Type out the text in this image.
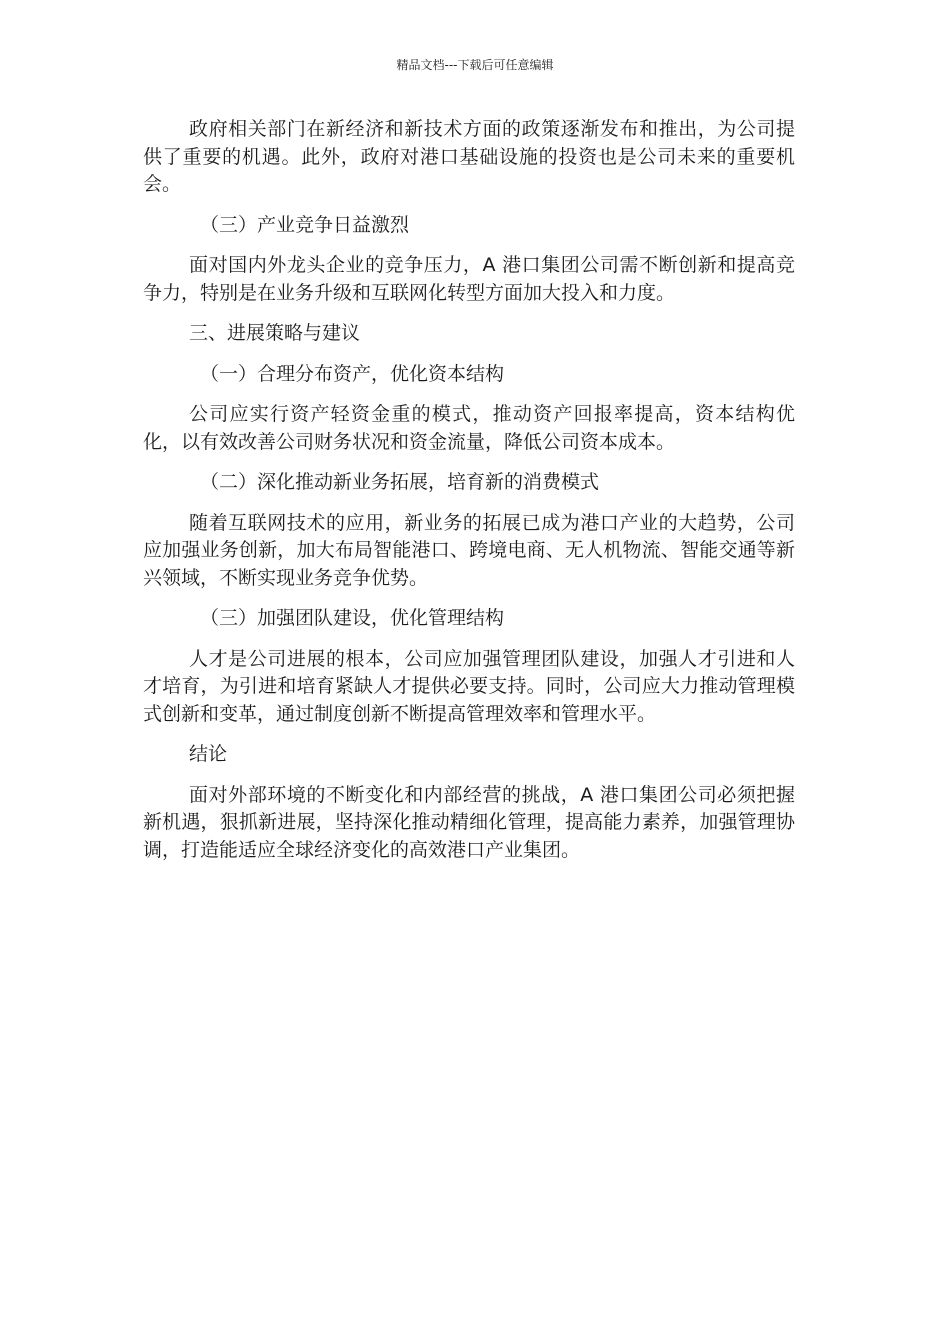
精品文档---下载后可任意编辑

政府相关部门在新经济和新技术方面的政策逐渐发布和推出，为公司提供了重要的机遇。此外，政府对港口基础设施的投资也是公司未来的重要机会。

（三）产业竞争日益激烈

面对国内外龙头企业的竞争压力，A 港口集团公司需不断创新和提高竞争力，特别是在业务升级和互联网化转型方面加大投入和力度。

三、进展策略与建议

（一）合理分布资产，优化资本结构

公司应实行资产轻资金重的模式，推动资产回报率提高，资本结构优化，以有效改善公司财务状况和资金流量，降低公司资本成本。

（二）深化推动新业务拓展，培育新的消费模式

随着互联网技术的应用，新业务的拓展已成为港口产业的大趋势，公司应加强业务创新，加大布局智能港口、跨境电商、无人机物流、智能交通等新兴领域，不断实现业务竞争优势。

（三）加强团队建设，优化管理结构

人才是公司进展的根本，公司应加强管理团队建设，加强人才引进和人才培育，为引进和培育紧缺人才提供必要支持。同时，公司应大力推动管理模式创新和变革，通过制度创新不断提高管理效率和管理水平。

结论

面对外部环境的不断变化和内部经营的挑战，A 港口集团公司必须把握新机遇，狠抓新进展，坚持深化推动精细化管理，提高能力素养，加强管理协调，打造能适应全球经济变化的高效港口产业集团。
